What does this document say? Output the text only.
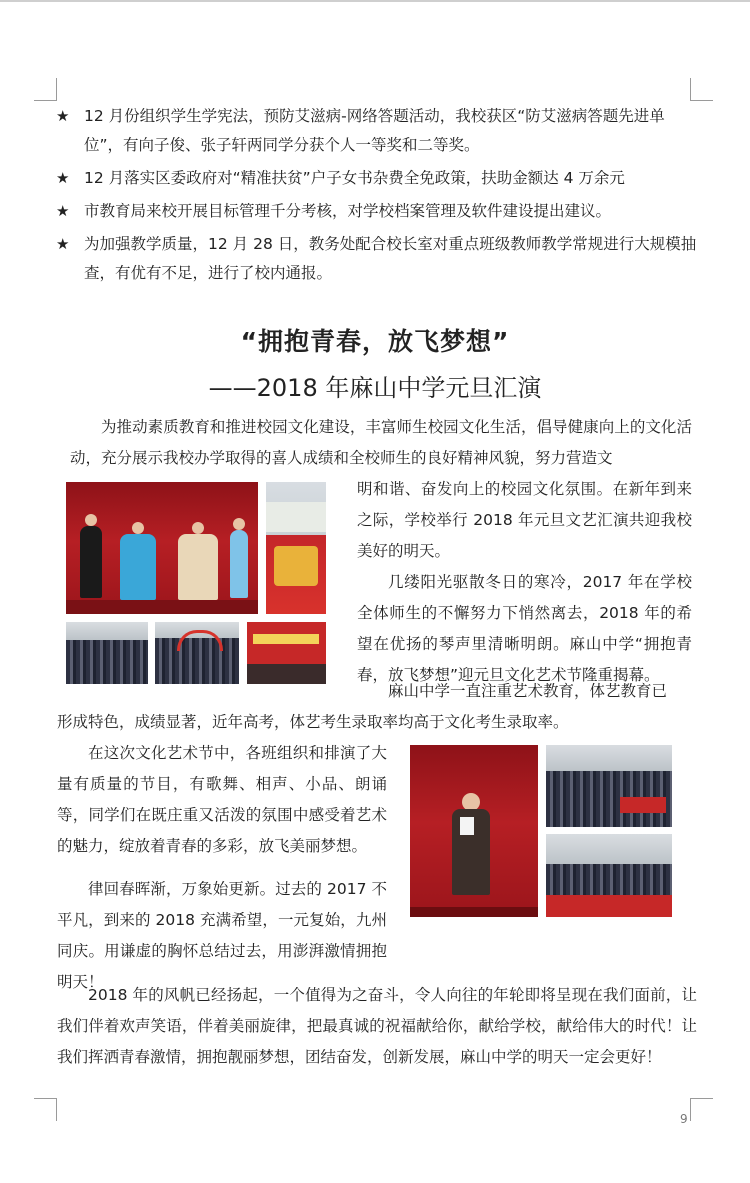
★ 12 月份组织学生学宪法，预防艾滋病-网络答题活动，我校获区“防艾滋病答题先进单位”，有向子俊、张子轩两同学分获个人一等奖和二等奖。
★ 12 月落实区委政府对“精准扶贫”户子女书杂费全免政策，扶助金额达 4 万余元
★ 市教育局来校开展目标管理千分考核，对学校档案管理及软件建设提出建议。
★ 为加强教学质量，12 月 28 日，教务处配合校长室对重点班级教师教学常规进行大规模抽查，有优有不足，进行了校内通报。
“拥抱青春，放飞梦想”
——2018 年麻山中学元旦汇演

为推动素质教育和推进校园文化建设，丰富师生校园文化生活，倡导健康向上的文化活动，充分展示我校办学取得的喜人成绩和全校师生的良好精神风貌，努力营造文

明和谐、奋发向上的校园文化氛围。在新年到来之际，学校举行 2018 年元旦文艺汇演共迎我校美好的明天。

几缕阳光驱散冬日的寒冷，2017 年在学校全体师生的不懈努力下悄然离去，2018 年的希望在优扬的琴声里清晰明朗。麻山中学“拥抱青春，放飞梦想”迎元旦文化艺术节隆重揭幕。

麻山中学一直注重艺术教育，体艺教育已

形成特色，成绩显著，近年高考，体艺考生录取率均高于文化考生录取率。

在这次文化艺术节中，各班组织和排演了大量有质量的节目，有歌舞、相声、小品、朗诵等，同学们在既庄重又活泼的氛围中感受着艺术的魅力，绽放着青春的多彩，放飞美丽梦想。

律回春晖渐，万象始更新。过去的 2017 不平凡，到来的 2018 充满希望，一元复始，九州同庆。用谦虚的胸怀总结过去，用澎湃激情拥抱明天！

2018 年的风帆已经扬起，一个值得为之奋斗，令人向往的年轮即将呈现在我们面前，让我们伴着欢声笑语，伴着美丽旋律，把最真诚的祝福献给你，献给学校，献给伟大的时代！让我们挥洒青春激情，拥抱靓丽梦想，团结奋发，创新发展，麻山中学的明天一定会更好！

9
